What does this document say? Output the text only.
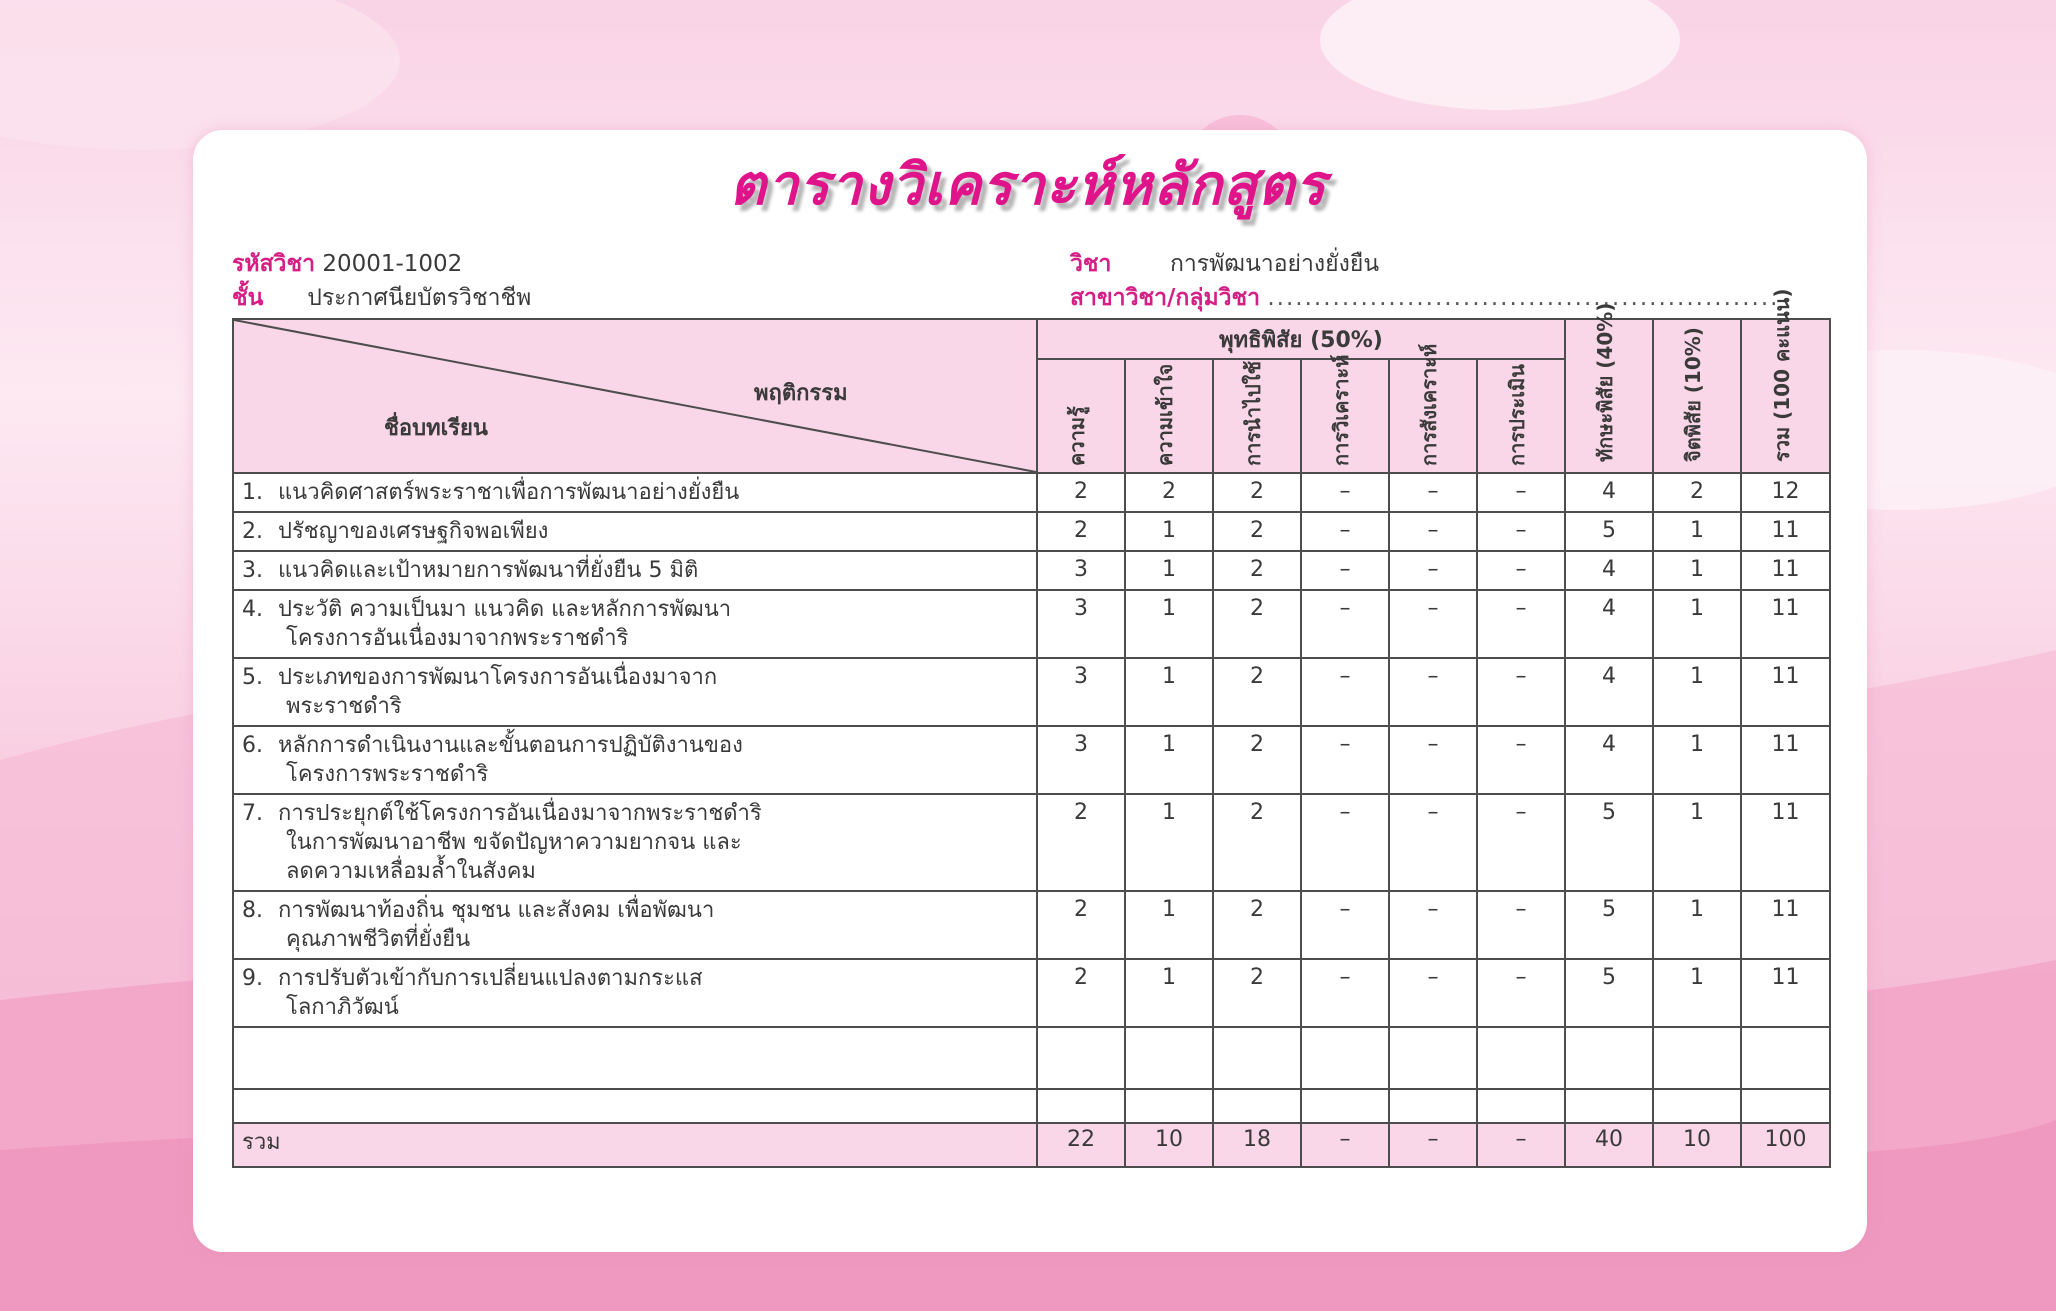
ตารางวิเคราะห์หลักสูตร
รหัสวิชา 20001-1002
ชั้น ประกาศนียบัตรวิชาชีพ
วิชา	การพัฒนาอย่างยั่งยืน
สาขาวิชา/กลุ่มวิชา .......................................................
พฤติกรรม
ชื่อบทเรียน	พุทธิพิสัย (50%)						ทักษะพิสัย (40%)	จิตพิสัย (10%)	รวม (100 คะแนน)

	ความรู้	ความเข้าใจ	การนำไปใช้	การวิเคราะห์	การสังเคราะห์	การประเมิน			

1. แนวคิดศาสตร์พระราชาเพื่อการพัฒนาอย่างยั่งยืน	2	2	2	–	–	–	4	2	12
2. ปรัชญาของเศรษฐกิจพอเพียง	2	1	2	–	–	–	5	1	11
3. แนวคิดและเป้าหมายการพัฒนาที่ยั่งยืน 5 มิติ	3	1	2	–	–	–	4	1	11
4. ประวัติ ความเป็นมา แนวคิด และหลักการพัฒนา
โครงการอันเนื่องมาจากพระราชดำริ	3	1	2	–	–	–	4	1	11
5. ประเภทของการพัฒนาโครงการอันเนื่องมาจาก
พระราชดำริ	3	1	2	–	–	–	4	1	11
6. หลักการดำเนินงานและขั้นตอนการปฏิบัติงานของ
โครงการพระราชดำริ	3	1	2	–	–	–	4	1	11
7. การประยุกต์ใช้โครงการอันเนื่องมาจากพระราชดำริ
ในการพัฒนาอาชีพ ขจัดปัญหาความยากจน และ
ลดความเหลื่อมล้ำในสังคม	2	1	2	–	–	–	5	1	11
8. การพัฒนาท้องถิ่น ชุมชน และสังคม เพื่อพัฒนา
คุณภาพชีวิตที่ยั่งยืน	2	1	2	–	–	–	5	1	11
9. การปรับตัวเข้ากับการเปลี่ยนแปลงตามกระแส
โลกาภิวัฒน์	2	1	2	–	–	–	5	1	11

รวม	22	10	18	–	–	–	40	10	100
